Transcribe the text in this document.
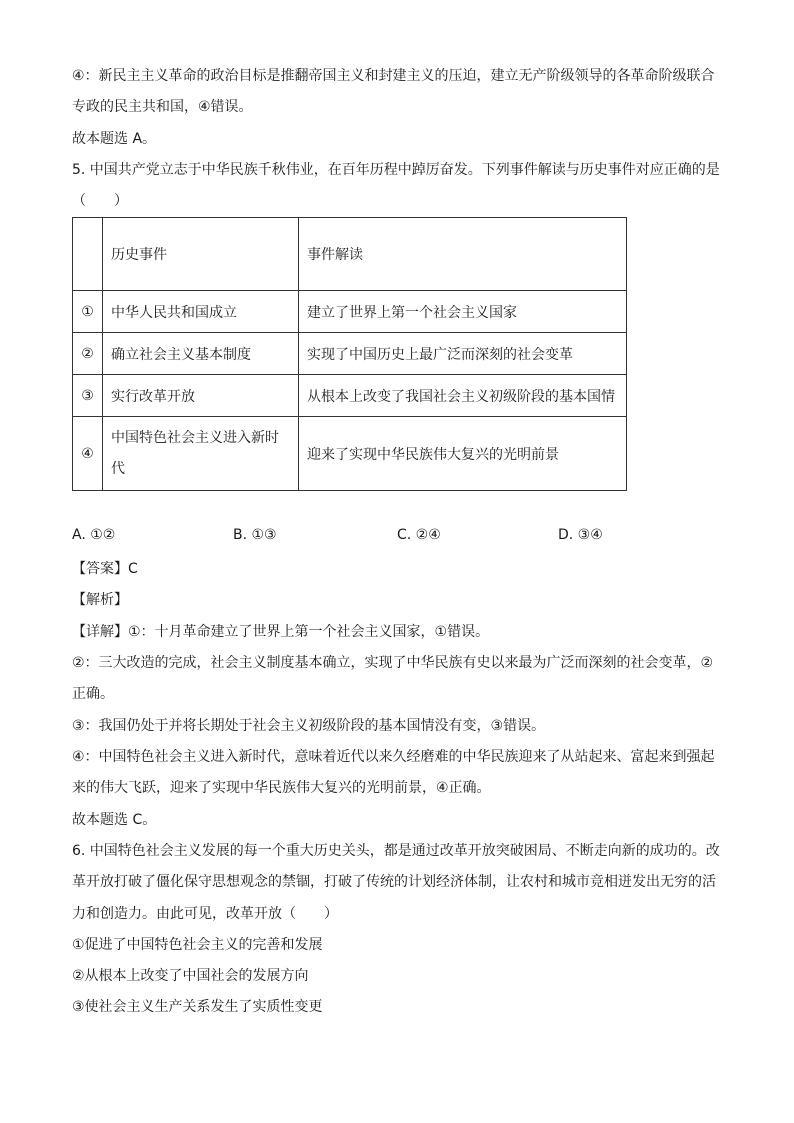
④：新民主主义革命的政治目标是推翻帝国主义和封建主义的压迫，建立无产阶级领导的各革命阶级联合

专政的民主共和国，④错误。

故本题选 A。

5. 中国共产党立志于中华民族千秋伟业，在百年历程中踔厉奋发。下列事件解读与历史事件对应正确的是

（　　）

	历史事件	事件解读
①	中华人民共和国成立	建立了世界上第一个社会主义国家
②	确立社会主义基本制度	实现了中国历史上最广泛而深刻的社会变革
③	实行改革开放	从根本上改变了我国社会主义初级阶段的基本国情
④	中国特色社会主义进入新时代	迎来了实现中华民族伟大复兴的光明前景
A. ①②	B. ①③	C. ②④	D. ③④

【答案】C

【解析】

【详解】①：十月革命建立了世界上第一个社会主义国家，①错误。

②：三大改造的完成，社会主义制度基本确立，实现了中华民族有史以来最为广泛而深刻的社会变革，②

正确。

③：我国仍处于并将长期处于社会主义初级阶段的基本国情没有变，③错误。

④：中国特色社会主义进入新时代，意味着近代以来久经磨难的中华民族迎来了从站起来、富起来到强起

来的伟大飞跃，迎来了实现中华民族伟大复兴的光明前景，④正确。

故本题选 C。

6. 中国特色社会主义发展的每一个重大历史关头，都是通过改革开放突破困局、不断走向新的成功的。改

革开放打破了僵化保守思想观念的禁锢，打破了传统的计划经济体制，让农村和城市竞相迸发出无穷的活

力和创造力。由此可见，改革开放（　　）

①促进了中国特色社会主义的完善和发展

②从根本上改变了中国社会的发展方向

③使社会主义生产关系发生了实质性变更
